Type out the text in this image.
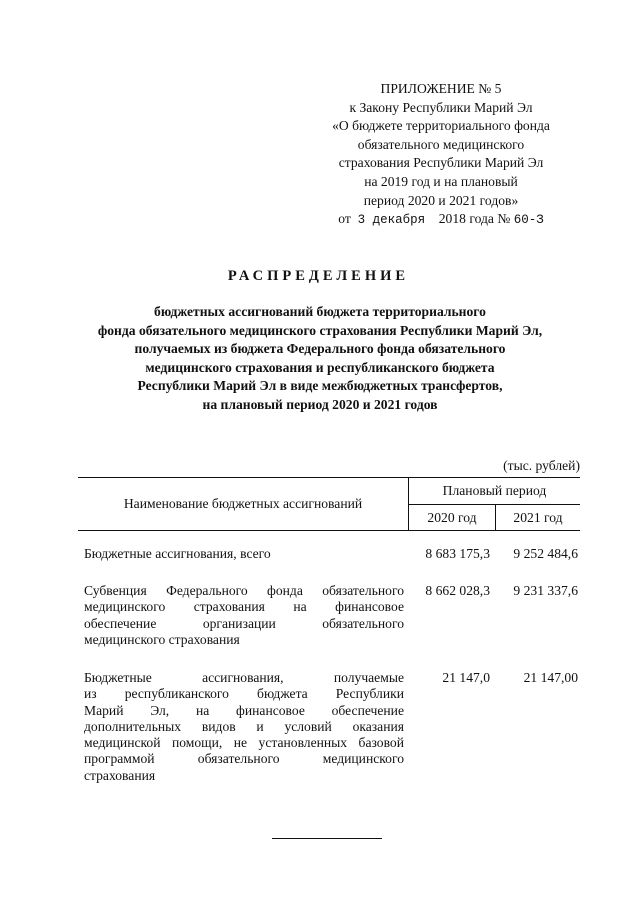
ПРИЛОЖЕНИЕ № 5
к Закону Республики Марий Эл
«О бюджете территориального фонда
обязательного медицинского
страхования Республики Марий Эл
на 2019 год и на плановый
период 2020 и 2021 годов»
от 3 декабря 2018 года № 60-З
РАСПРЕДЕЛЕНИЕ
бюджетных ассигнований бюджета территориального
фонда обязательного медицинского страхования Республики Марий Эл,
получаемых из бюджета Федерального фонда обязательного
медицинского страхования и республиканского бюджета
Республики Марий Эл в виде межбюджетных трансфертов,
на плановый период 2020 и 2021 годов
(тыс. рублей)
Наименование бюджетных ассигнований
Плановый период
2020 год	2021 год
Бюджетные ассигнования, всего	8 683 175,3	9 252 484,6
Субвенция Федерального фонда обязательного
медицинского страхования на финансовое
обеспечение организации обязательного
медицинского страхования
8 662 028,3	9 231 337,6
Бюджетные ассигнования, получаемые
из республиканского бюджета Республики
Марий Эл, на финансовое обеспечение
дополнительных видов и условий оказания
медицинской помощи, не установленных базовой
программой обязательного медицинского
страхования
21 147,0	21 147,00
